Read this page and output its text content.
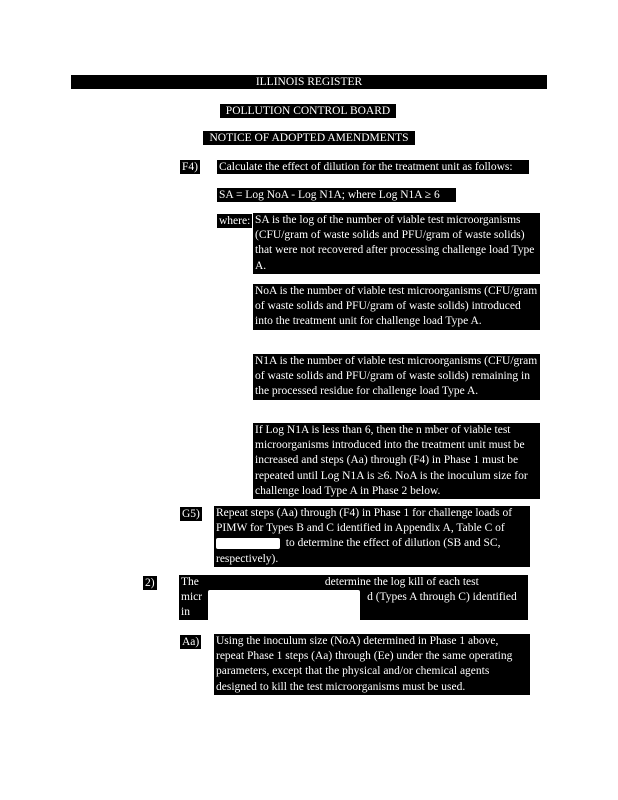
ILLINOIS REGISTER
POLLUTION CONTROL BOARD
NOTICE OF ADOPTED AMENDMENTS
F4) Calculate the effect of dilution for the treatment unit as follows:
SA = Log NoA - Log N1A; where Log N1A ≥ 6
where: SA is the log of the number of viable test microorganisms (CFU/gram of waste solids and PFU/gram of waste solids) that were not recovered after processing challenge load Type A.
NoA is the number of viable test microorganisms (CFU/gram of waste solids and PFU/gram of waste solids) introduced into the treatment unit for challenge load Type A.
N1A is the number of viable test microorganisms (CFU/gram of waste solids and PFU/gram of waste solids) remaining in the processed residue for challenge load Type A.
If Log N1A is less than 6, then the n mber of viable test microorganisms introduced into the treatment unit must be increased and steps (Aa) through (F4) in Phase 1 must be repeated until Log N1A is ≥6. NoA is the inoculum size for challenge load Type A in Phase 2 below.
G5) Repeat steps (Aa) through (F4) in Phase 1 for challenge loads of
PIMW for Types B and C identified in Appendix A, Table C of
to determine the effect of dilution (SB and SC,
respectively).
2) The	determine the log kill of each test
micr	d (Types A through C) identified in
App
Aa) Using the inoculum size (NoA) determined in Phase 1 above, repeat Phase 1 steps (Aa) through (Ee) under the same operating parameters, except that the physical and/or chemical agents designed to kill the test microorganisms must be used.
